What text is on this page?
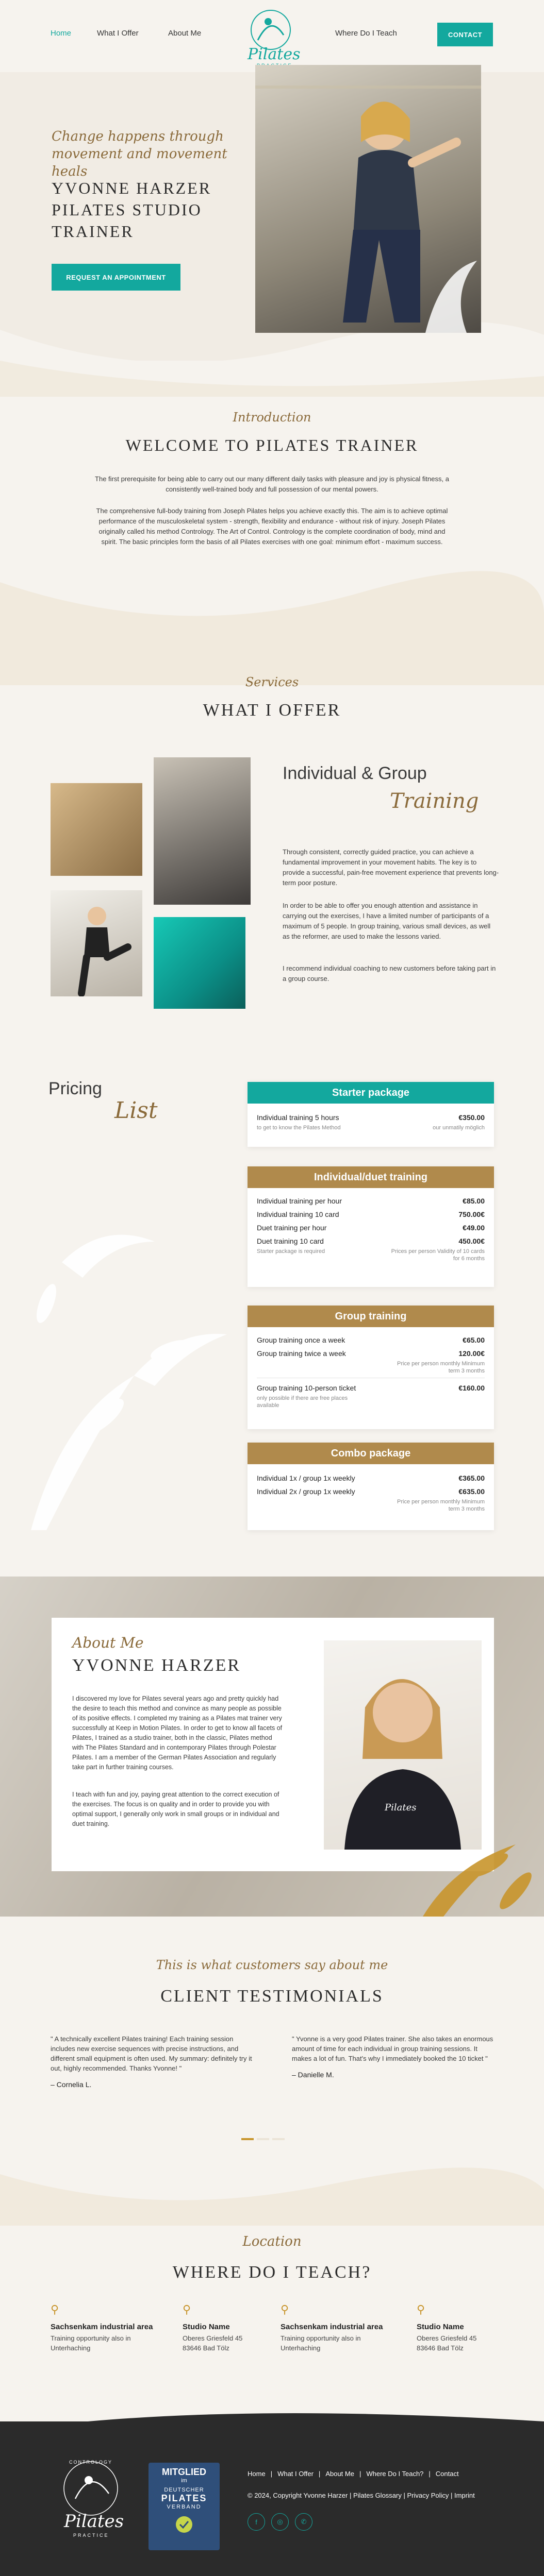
Home	What I Offer	About Me
Pilates
Where Do I Teach	CONTACT
Change happens through movement and movement heals
YVONNE HARZER PILATES STUDIO TRAINER
REQUEST AN APPOINTMENT
Introduction
WELCOME TO PILATES TRAINER

The first prerequisite for being able to carry out our many different daily tasks with pleasure and joy is physical fitness, a consistently well-trained body and full possession of our mental powers.

The comprehensive full-body training from Joseph Pilates helps you achieve exactly this. The aim is to achieve optimal performance of the musculoskeletal system - strength, flexibility and endurance - without risk of injury. Joseph Pilates originally called his method Contrology. The Art of Control. Contrology is the complete coordination of body, mind and spirit. The basic principles form the basis of all Pilates exercises with one goal: minimum effort - maximum success.

Services
WHAT I OFFER
Individual & Group
Training

Through consistent, correctly guided practice, you can achieve a fundamental improvement in your movement habits. The key is to provide a successful, pain-free movement experience that prevents long-term poor posture.

In order to be able to offer you enough attention and assistance in carrying out the exercises, I have a limited number of participants of a maximum of 5 people. In group training, various small devices, as well as the reformer, are used to make the lessons varied.

I recommend individual coaching to new customers before taking part in a group course.

Pricing
List
Starter package
Individual training 5 hours	€350.00
to get to know the Pilates Method	our unmatily möglich
Individual/duet training
Individual training per hour	€85.00
Individual training 10 card	750.00€
Duet training per hour	€49.00
Duet training 10 card	450.00€
Starter package is required	Prices per person Validity of 10 cards for 6 months
Group training
Group training once a week	€65.00
Group training twice a week	120.00€
Price per person monthly Minimum term 3 months
Group training 10-person ticket	€160.00
only possible if there are free places available
Combo package
Individual 1x / group 1x weekly	€365.00
Individual 2x / group 1x weekly	€635.00
Price per person monthly Minimum term 3 months
About Me
YVONNE HARZER

I discovered my love for Pilates several years ago and pretty quickly had the desire to teach this method and convince as many people as possible of its positive effects. I completed my training as a Pilates mat trainer very successfully at Keep in Motion Pilates. In order to get to know all facets of Pilates, I trained as a studio trainer, both in the classic, Pilates method with The Pilates Standard and in contemporary Pilates through Polestar Pilates. I am a member of the German Pilates Association and regularly take part in further training courses.

I teach with fun and joy, paying great attention to the correct execution of the exercises. The focus is on quality and in order to provide you with optimal support, I generally only work in small groups or in individual and duet training.

Pilates
This is what customers say about me
CLIENT TESTIMONIALS

" A technically excellent Pilates training! Each training session includes new exercise sequences with precise instructions, and different small equipment is often used. My summary: definitely try it out, highly recommended. Thanks Yvonne! "

– Cornelia L.

" Yvonne is a very good Pilates trainer. She also takes an enormous amount of time for each individual in group training sessions. It makes a lot of fun. That's why I immediately booked the 10 ticket "

– Danielle M.
Location
WHERE DO I TEACH?
⚲
Sachsenkam industrial area
Training opportunity also in Unterhaching
⚲
Studio Name
Oberes Griesfeld 45 83646 Bad Tölz
⚲
Sachsenkam industrial area
Training opportunity also in Unterhaching
⚲
Studio Name
Oberes Griesfeld 45 83646 Bad Tölz
CONTROLOGY
Pilates
PRACTICE
MITGLIED
im
DEUTSCHER
PILATES
VERBAND
Home | What I Offer | About Me | Where Do I Teach? | Contact
© 2024, Copyright Yvonne Harzer | Pilates Glossary | Privacy Policy | Imprint
f	◎	✆
